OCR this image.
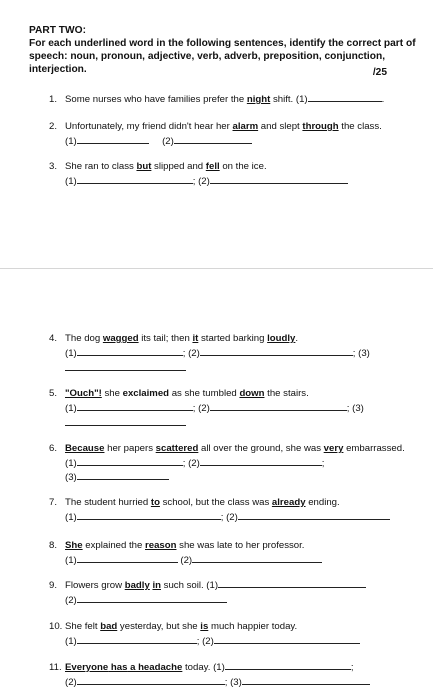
PART TWO:
For each underlined word in the following sentences, identify the correct part of speech: noun, pronoun, adjective, verb, adverb, preposition, conjunction, interjection.	/25
1. Some nurses who have families prefer the night shift. (1)	.
2. Unfortunately, my friend didn't hear her alarm and slept through the class.
(1)	(2)
3. She ran to class but slipped and fell on the ice.
(1)	; (2)
4. The dog wagged its tail; then it started barking loudly.
(1)	; (2)	; (3)
5. "Ouch"! she exclaimed as she tumbled down the stairs.
(1)	; (2)	; (3)
6. Because her papers scattered all over the ground, she was very embarrassed.
(1)	; (2)	;
(3)
7. The student hurried to school, but the class was already ending.
(1)	; (2)
8. She explained the reason she was late to her professor.
(1)	(2)
9. Flowers grow badly in such soil. (1)
(2)
10. She felt bad yesterday, but she is much happier today.
(1)	; (2)
11. Everyone has a headache today. (1)	;
(2)	; (3)
